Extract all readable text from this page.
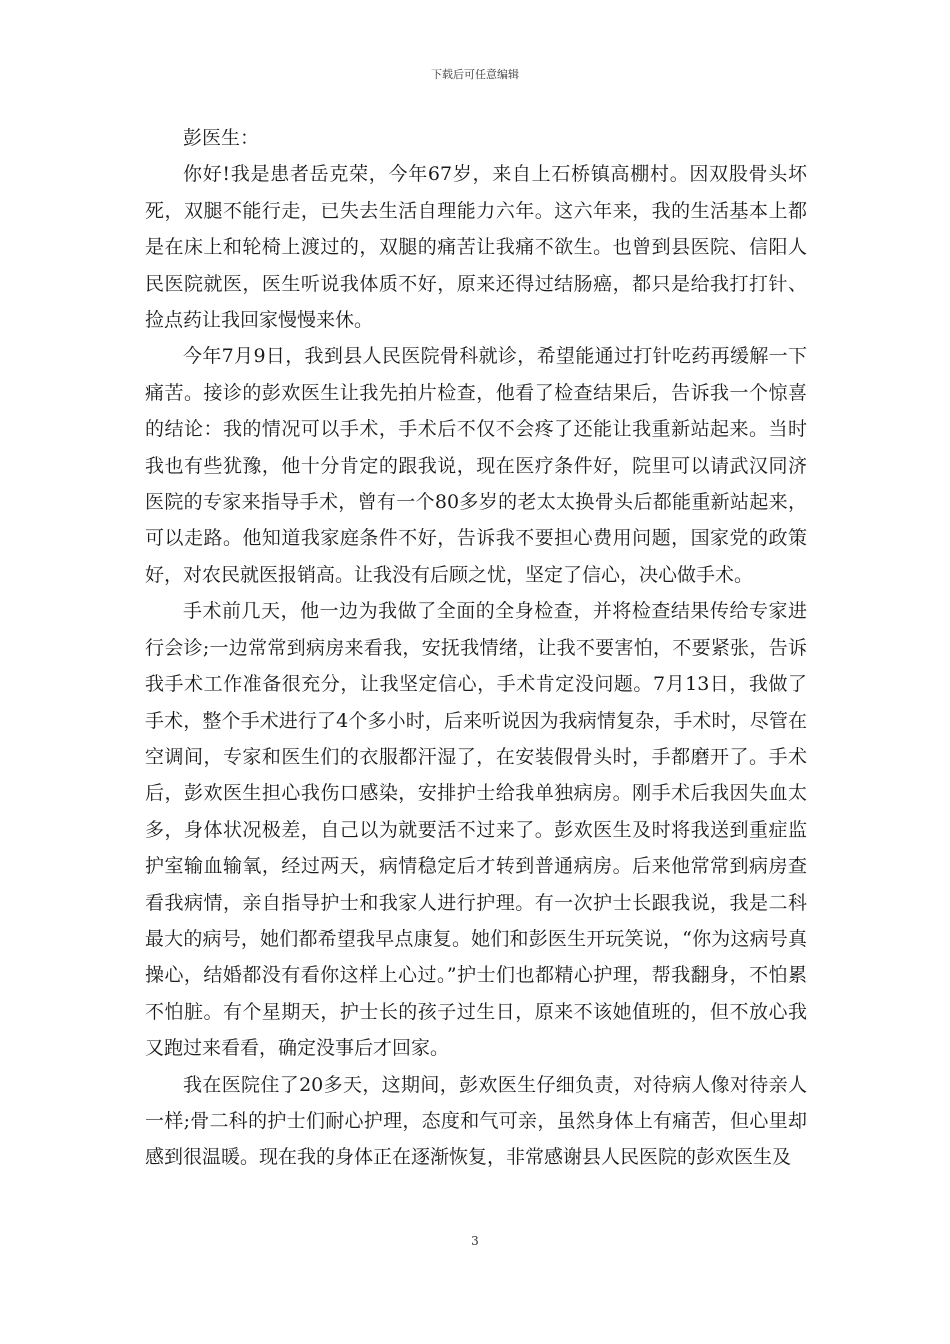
下载后可任意编辑

彭医生：

你好!我是患者岳克荣，今年67岁，来自上石桥镇高棚村。因双股骨头坏死，双腿不能行走，已失去生活自理能力六年。这六年来，我的生活基本上都是在床上和轮椅上渡过的，双腿的痛苦让我痛不欲生。也曾到县医院、信阳人民医院就医，医生听说我体质不好，原来还得过结肠癌，都只是给我打打针、捡点药让我回家慢慢来休。

今年7月9日，我到县人民医院骨科就诊，希望能通过打针吃药再缓解一下痛苦。接诊的彭欢医生让我先拍片检查，他看了检查结果后，告诉我一个惊喜的结论：我的情况可以手术，手术后不仅不会疼了还能让我重新站起来。当时我也有些犹豫，他十分肯定的跟我说，现在医疗条件好，院里可以请武汉同济医院的专家来指导手术，曾有一个80多岁的老太太换骨头后都能重新站起来，可以走路。他知道我家庭条件不好，告诉我不要担心费用问题，国家党的政策好，对农民就医报销高。让我没有后顾之忧，坚定了信心，决心做手术。

手术前几天，他一边为我做了全面的全身检查，并将检查结果传给专家进行会诊;一边常常到病房来看我，安抚我情绪，让我不要害怕，不要紧张，告诉我手术工作准备很充分，让我坚定信心，手术肯定没问题。7月13日，我做了手术，整个手术进行了4个多小时，后来听说因为我病情复杂，手术时，尽管在空调间，专家和医生们的衣服都汗湿了，在安装假骨头时，手都磨开了。手术后，彭欢医生担心我伤口感染，安排护士给我单独病房。刚手术后我因失血太多，身体状况极差，自己以为就要活不过来了。彭欢医生及时将我送到重症监护室输血输氧，经过两天，病情稳定后才转到普通病房。后来他常常到病房查看我病情，亲自指导护士和我家人进行护理。有一次护士长跟我说，我是二科最大的病号，她们都希望我早点康复。她们和彭医生开玩笑说，“你为这病号真操心，结婚都没有看你这样上心过。”护士们也都精心护理，帮我翻身，不怕累不怕脏。有个星期天，护士长的孩子过生日，原来不该她值班的，但不放心我又跑过来看看，确定没事后才回家。

我在医院住了20多天，这期间，彭欢医生仔细负责，对待病人像对待亲人一样;骨二科的护士们耐心护理，态度和气可亲，虽然身体上有痛苦，但心里却感到很温暖。现在我的身体正在逐渐恢复，非常感谢县人民医院的彭欢医生及

3
